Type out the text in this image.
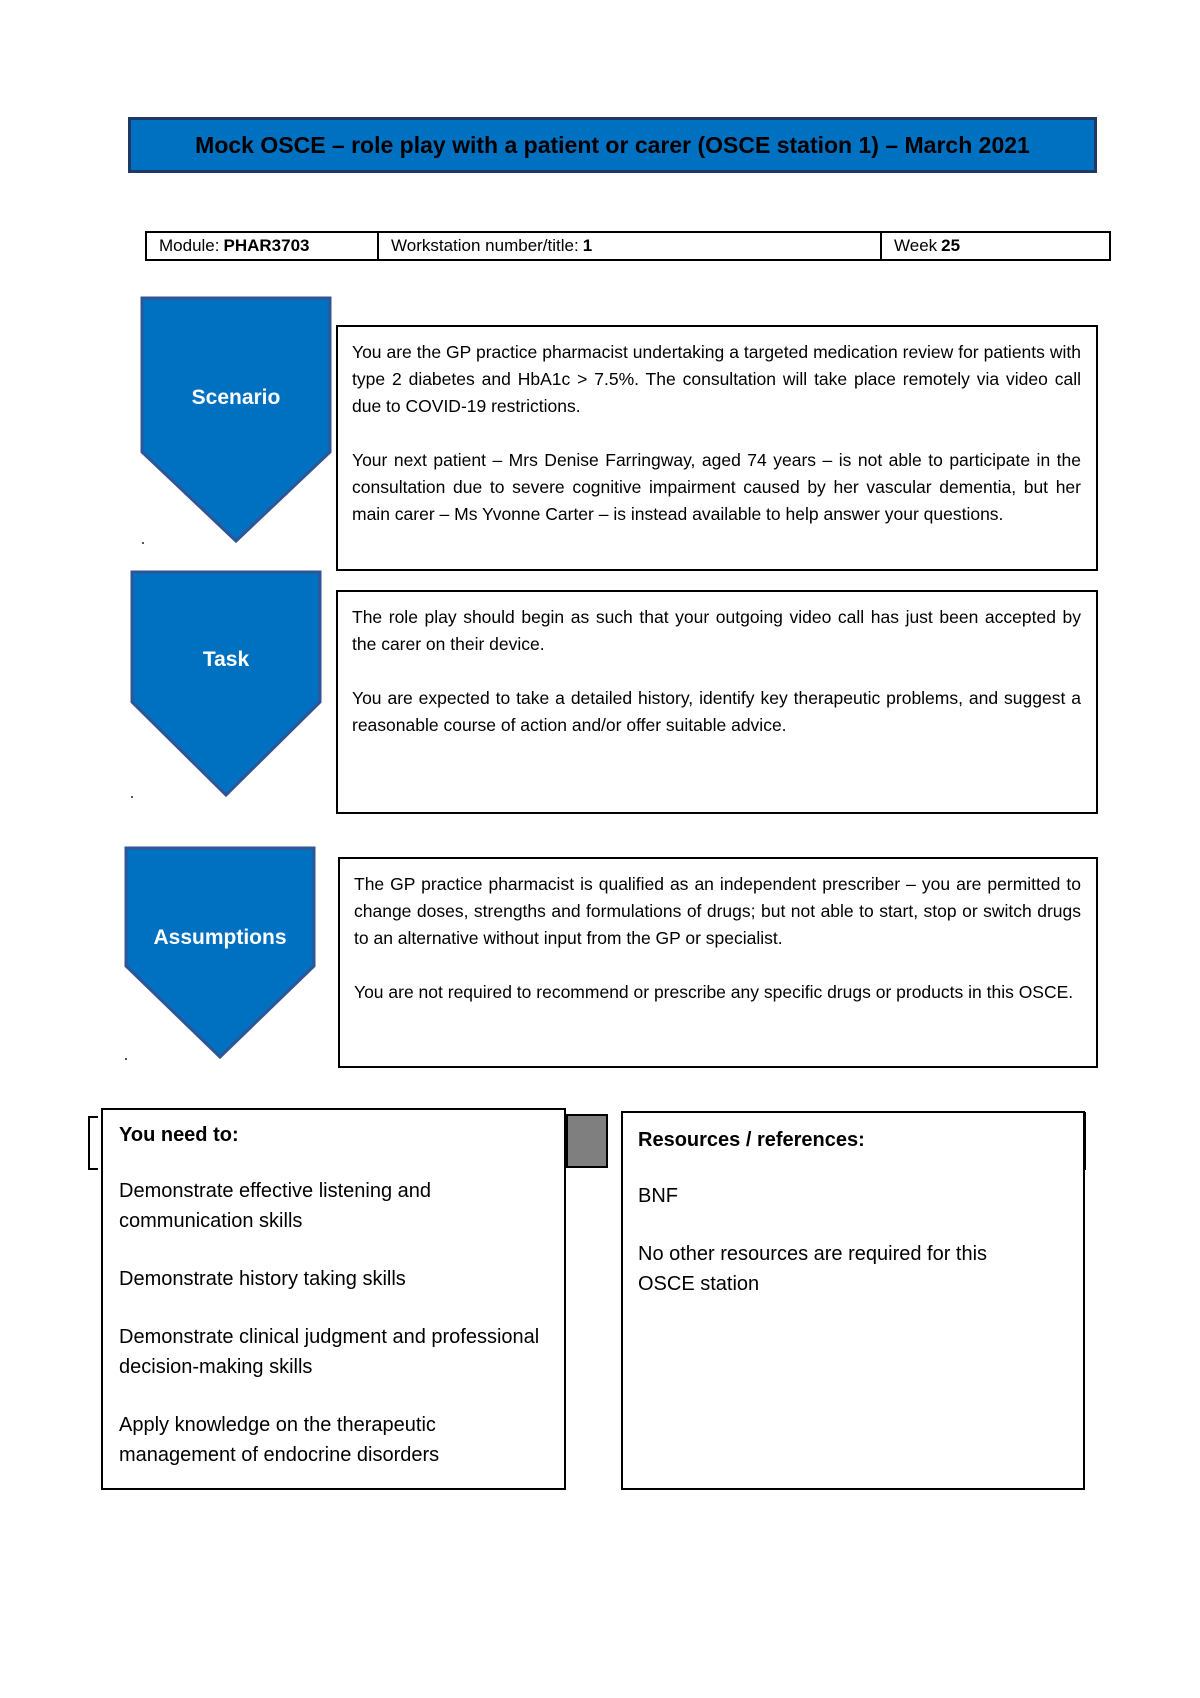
Mock OSCE – role play with a patient or carer (OSCE station 1) – March 2021
Module: PHAR3703	Workstation number/title: 1	Week 25
Scenario

You are the GP practice pharmacist undertaking a targeted medication review for patients with type 2 diabetes and HbA1c > 7.5%. The consultation will take place remotely via video call due to COVID-19 restrictions.

Your next patient – Mrs Denise Farringway, aged 74 years – is not able to participate in the consultation due to severe cognitive impairment caused by her vascular dementia, but her main carer – Ms Yvonne Carter – is instead available to help answer your questions.

Task

The role play should begin as such that your outgoing video call has just been accepted by the carer on their device.

You are expected to take a detailed history, identify key therapeutic problems, and suggest a reasonable course of action and/or offer suitable advice.

Assumptions

The GP practice pharmacist is qualified as an independent prescriber – you are permitted to change doses, strengths and formulations of drugs; but not able to start, stop or switch drugs to an alternative without input from the GP or specialist.

You are not required to recommend or prescribe any specific drugs or products in this OSCE.

You need to:

Demonstrate effective listening and communication skills

Demonstrate history taking skills

Demonstrate clinical judgment and professional decision-making skills

Apply knowledge on the therapeutic management of endocrine disorders

Resources / references:

BNF

No other resources are required for this OSCE station
